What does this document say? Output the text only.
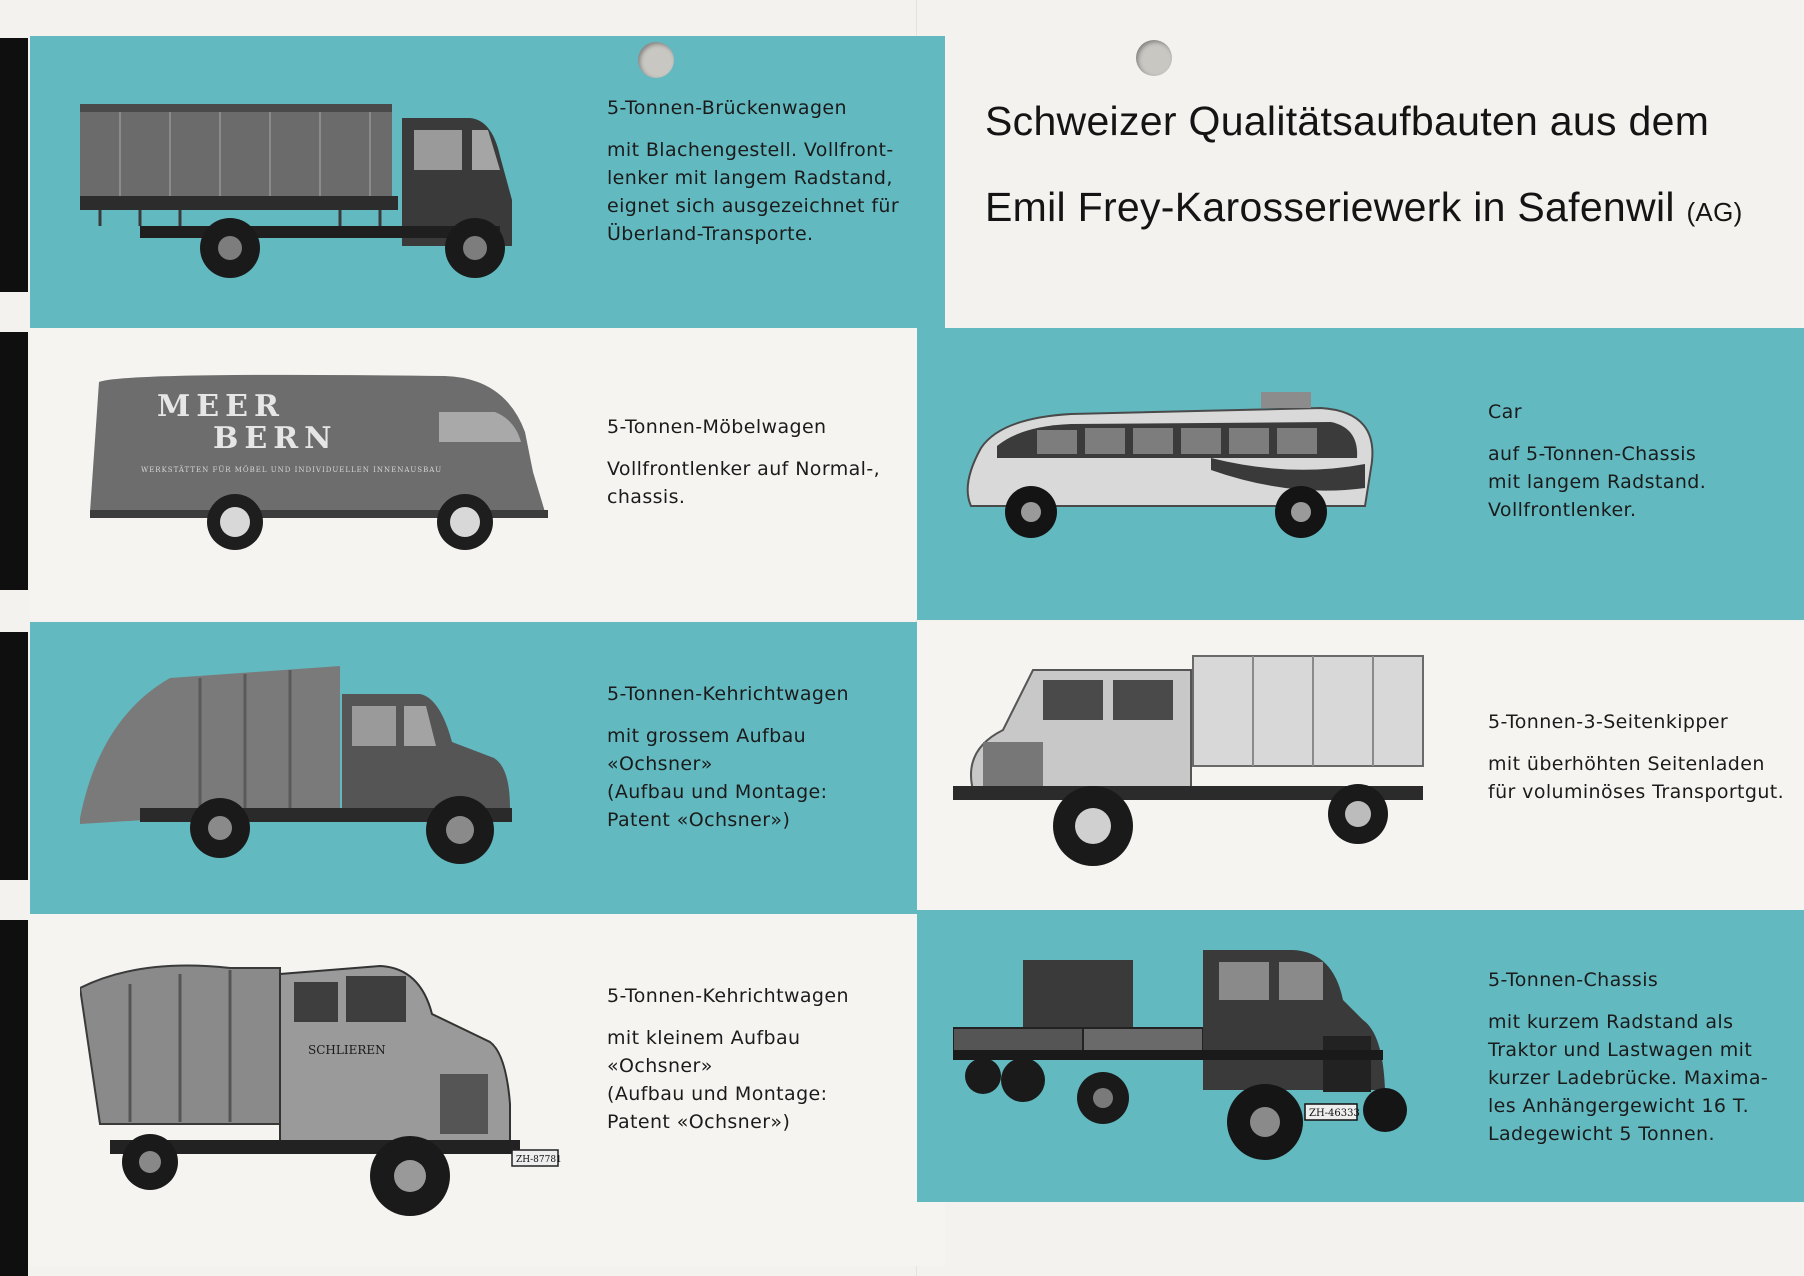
5-Tonnen-Brückenwagen
mit Blachengestell. Vollfront-
lenker mit langem Radstand,
eignet sich ausgezeichnet für
Überland-Transporte.
Schweizer Qualitätsaufbauten aus dem
Emil Frey-Karosseriewerk in Safenwil (AG)
MEER
BERN
WERKSTÄTTEN FÜR MÖBEL UND INDIVIDUELLEN INNENAUSBAU
5-Tonnen-Möbelwagen
Vollfrontlenker auf Normal-,
chassis.
Car
auf 5-Tonnen-Chassis
mit langem Radstand.
Vollfrontlenker.
5-Tonnen-Kehrichtwagen
mit grossem Aufbau
«Ochsner»
(Aufbau und Montage:
Patent «Ochsner»)
5-Tonnen-3-Seitenkipper
mit überhöhten Seitenladen
für voluminöses Transportgut.
SCHLIEREN
ZH-87781
5-Tonnen-Kehrichtwagen
mit kleinem Aufbau
«Ochsner»
(Aufbau und Montage:
Patent «Ochsner»)	ZH-46333
5-Tonnen-Chassis
mit kurzem Radstand als
Traktor und Lastwagen mit
kurzer Ladebrücke. Maxima-
les Anhängergewicht 16 T.
Ladegewicht 5 Tonnen.
